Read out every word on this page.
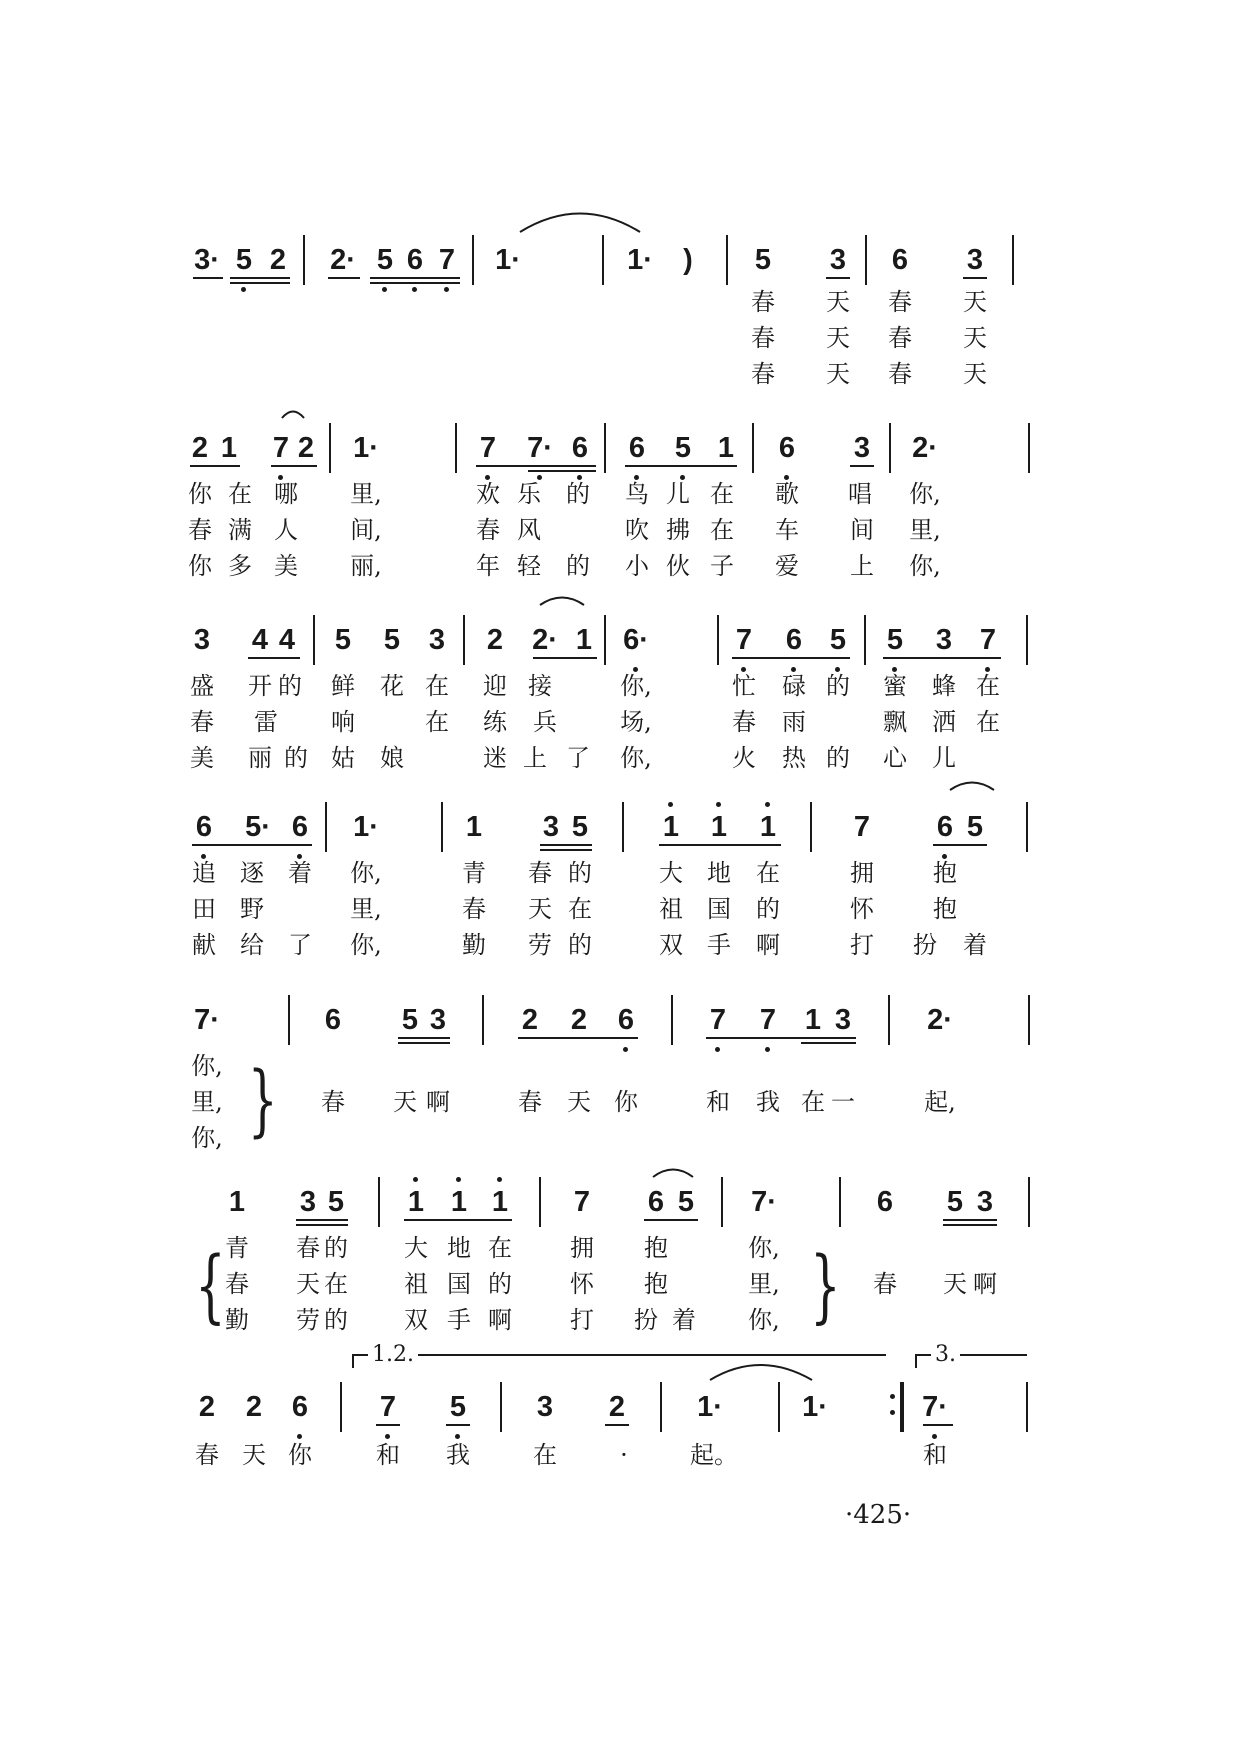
3· 5 2	2· 5 6 7	1·	1·	)	5	3	6	3
春	天	春	天
春	天	春	天
春	天	春	天
2 1	7 2	1·	7	7· 6	6	5 1	6	3	2·
你 在 哪	里,	欢 乐	的	鸟 儿 在	歌	唱	你,
春 满 人	间,	春 风	吹 拂 在	车	间	里,
你 多 美	丽,	年 轻	的	小 伙 子	爱	上	你,
3	4 4	5	5 3	2	2· 1	6·	7	6 5	5	3 7
盛	开 的	鲜	花 在	迎 接	你,	忙	碌 的	蜜	蜂 在
春	雷	响	在	练	兵	场,	春	雨	飘	洒 在
美	丽 的 姑	娘	迷 上 了	你,	火	热 的	心	儿
6	5· 6	1·	1	3 5	1	1	1	7	6 5
追	逐	着	你,	青	春 的	大	地	在	拥	抱
田	野	里,	春	天 在	祖	国	的	怀	抱
献	给	了	你,	勤	劳 的	双	手	啊	打	扮	着
7·	6	5 3	2	2	6	7	7 1 3	2·
你,
里,
你, }	春	天 啊	春	天 你	和	我 在 一	起,
1	3 5	1 1 1	7	6 5	7·	6	5 3
{ 青	春 的	大 地 在	拥	抱	你,
春	天 在	祖 国 的	怀	抱	里,
勤	劳 的	双 手 啊	打	扮 着	你, }	春	天 啊
1.2.	3.
2	2	6	7	5	3	2	1·	1·	7·
春 天 你	和	我	在	·	起。	和
·425·
